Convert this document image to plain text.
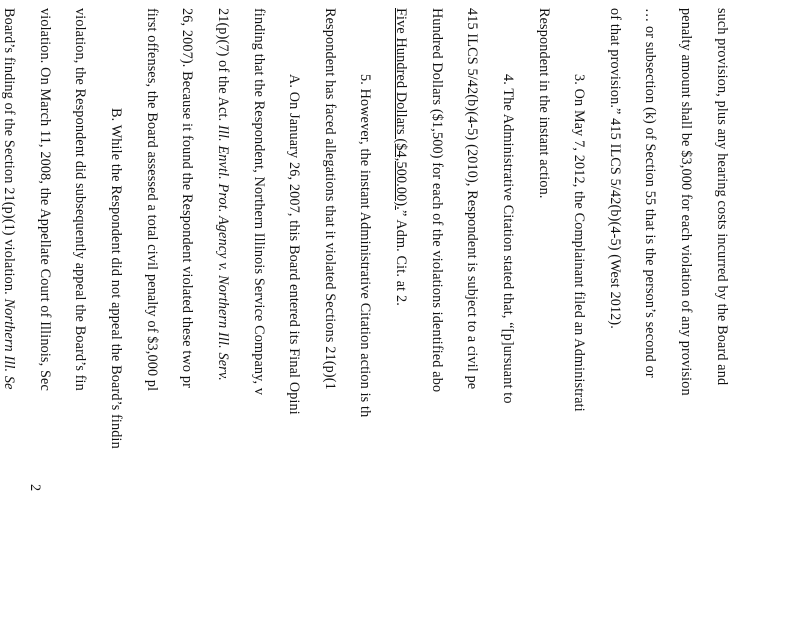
such provision, plus any hearing costs incurred by the Board and
penalty amount shall be $3,000 for each violation of any provision
… or subsection (k) of Section 55 that is the person’s second or
of that provision.” 415 ILCS 5/42(b)(4-5) (West 2012).
3. On May 7, 2012, the Complainant filed an Administrati
Respondent in the instant action.
4. The Administrative Citation stated that, “[p]ursuant to
415 ILCS 5/42(b)(4-5) (2010), Respondent is subject to a civil pe
Hundred Dollars ($1,500) for each of the violations identified abo
Five Hundred Dollars ($4,500.00).” Adm. Cit. at 2.
5. However, the instant Administrative Citation action is th
Respondent has faced allegations that it violated Sections 21(p)(1
A. On January 26, 2007, this Board entered its Final Opini
finding that the Respondent, Northern Illinois Service Company, v
21(p)(7) of the Act. Ill. Envtl. Prot. Agency v. Northern Ill. Serv.
26, 2007). Because it found the Respondent violated these two pr
first offenses, the Board assessed a total civil penalty of $3,000 pl
B. While the Respondent did not appeal the Board’s findin
violation, the Respondent did subsequently appeal the Board’s fin
violation. On March 11, 2008, the Appellate Court of Illinois, Sec
Board’s finding of the Section 21(p)(1) violation. Northern Ill. Se
2
